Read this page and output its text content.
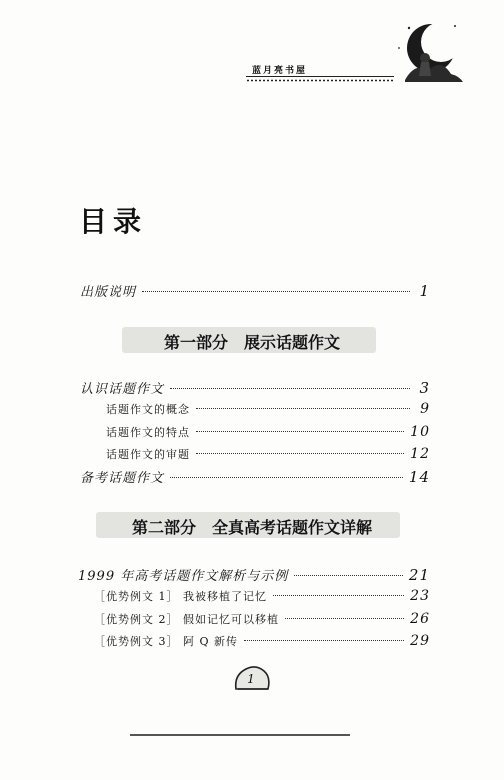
蓝月亮书屋
目录
出版说明	1
第一部分　展示话题作文
认识话题作文	3
话题作文的概念	9
话题作文的特点	10
话题作文的审题	12
备考话题作文	14
第二部分　全真高考话题作文详解
1999 年高考话题作文解析与示例	21
［优势例文 1］ 我被移植了记忆	23
［优势例文 2］ 假如记忆可以移植	26
［优势例文 3］ 阿 Q 新传	29
1
